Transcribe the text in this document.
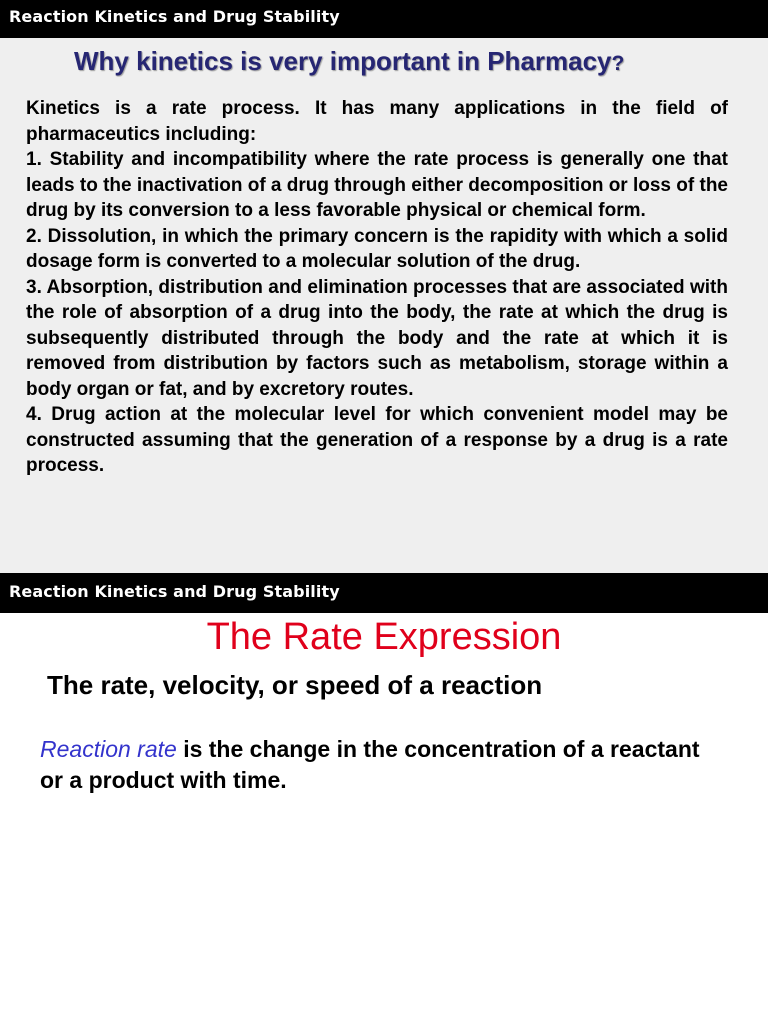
Reaction Kinetics and Drug Stability
Why kinetics is very important in Pharmacy?

Kinetics is a rate process. It has many applications in the field of pharmaceutics including:

1. Stability and incompatibility where the rate process is generally one that leads to the inactivation of a drug through either decomposition or loss of the drug by its conversion to a less favorable physical or chemical form.

2. Dissolution, in which the primary concern is the rapidity with which a solid dosage form is converted to a molecular solution of the drug.

3. Absorption, distribution and elimination processes that are associated with the role of absorption of a drug into the body, the rate at which the drug is subsequently distributed through the body and the rate at which it is removed from distribution by factors such as metabolism, storage within a body organ or fat, and by excretory routes.

4. Drug action at the molecular level for which convenient model may be constructed assuming that the generation of a response by a drug is a rate process.

Reaction Kinetics and Drug Stability
The Rate Expression
The rate, velocity, or speed of a reaction
Reaction rate is the change in the concentration of a reactant or a product with time.
